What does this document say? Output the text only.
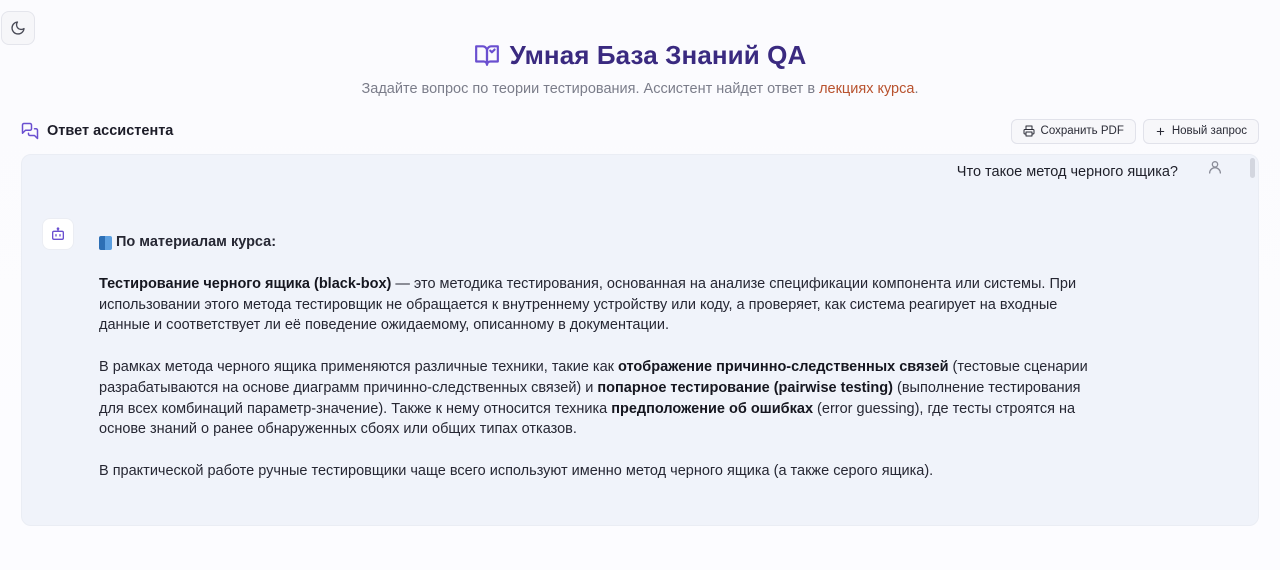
Умная База Знаний QA
Задайте вопрос по теории тестирования. Ассистент найдет ответ в лекциях курса.
Ответ ассистента	Сохранить PDF	Новый запрос
Что такое метод черного ящика?
По материалам курса:

Тестирование черного ящика (black-box) — это методика тестирования, основанная на анализе спецификации компонента или системы. При использовании этого метода тестировщик не обращается к внутреннему устройству или коду, а проверяет, как система реагирует на входные данные и соответствует ли её поведение ожидаемому, описанному в документации.

В рамках метода черного ящика применяются различные техники, такие как отображение причинно-следственных связей (тестовые сценарии разрабатываются на основе диаграмм причинно-следственных связей) и попарное тестирование (pairwise testing) (выполнение тестирования для всех комбинаций параметр-значение). Также к нему относится техника предположение об ошибках (error guessing), где тесты строятся на основе знаний о ранее обнаруженных сбоях или общих типах отказов.

В практической работе ручные тестировщики чаще всего используют именно метод черного ящика (а также серого ящика).
